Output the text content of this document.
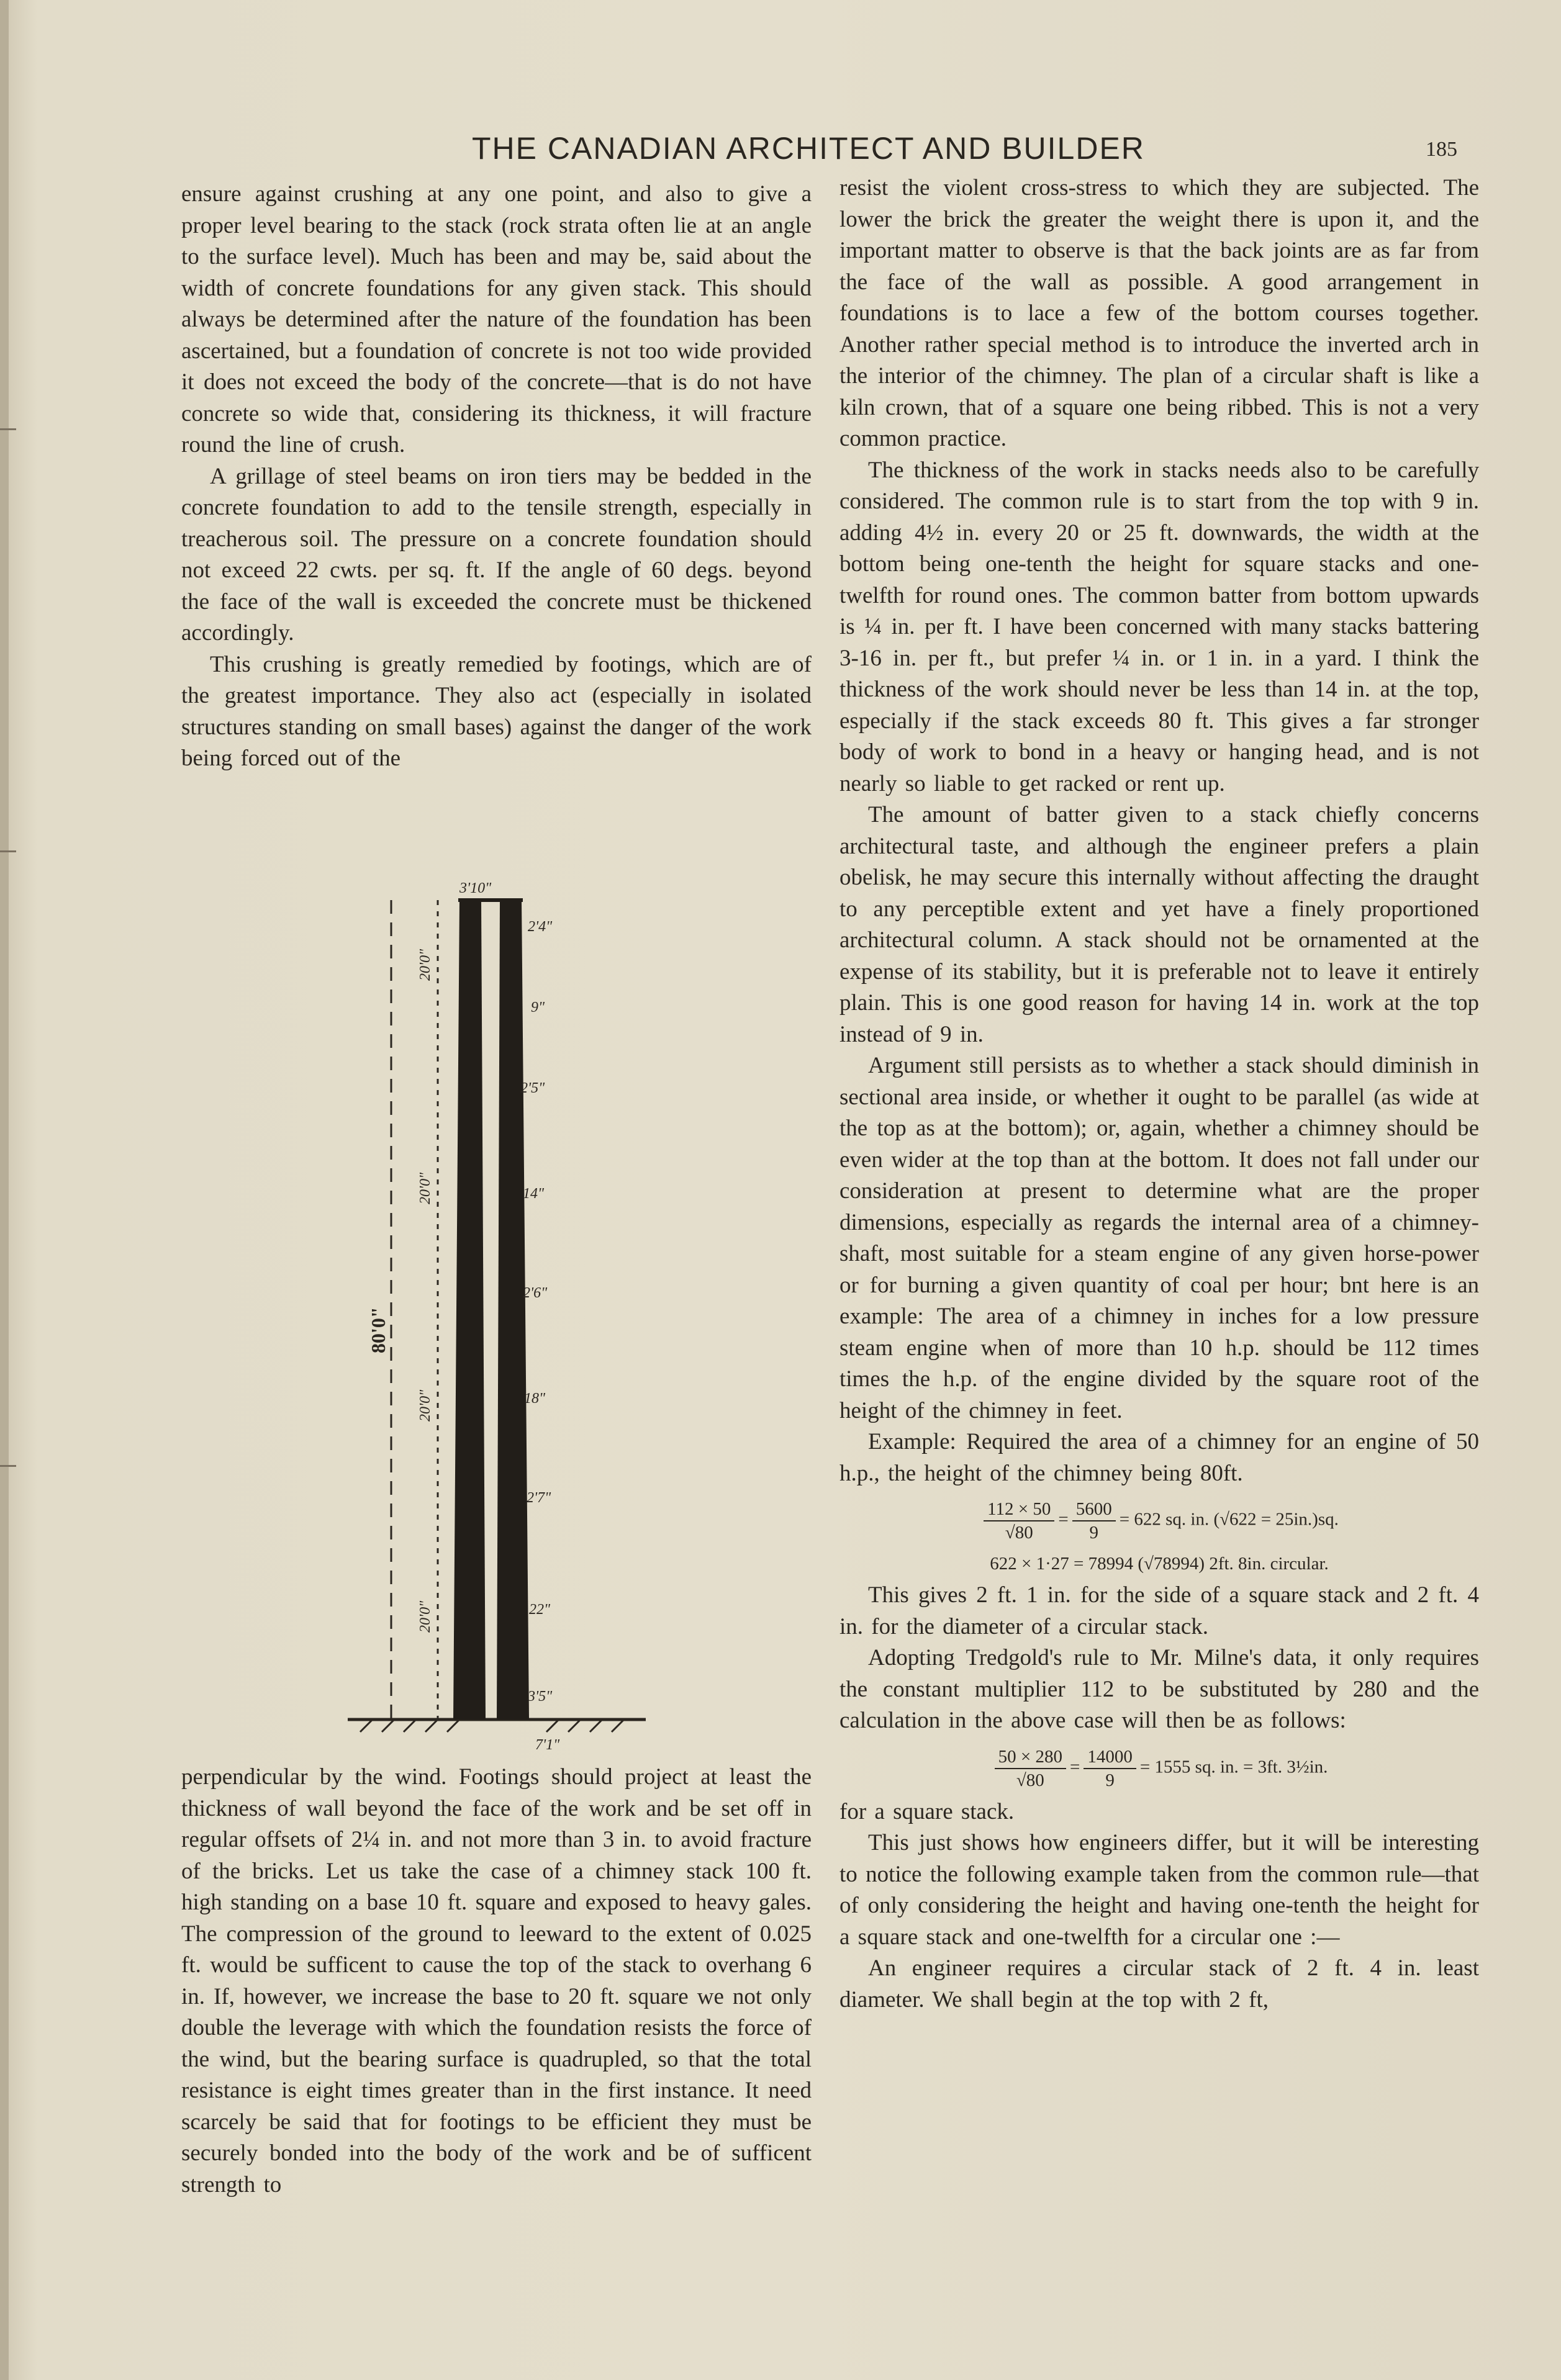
THE CANADIAN ARCHITECT AND BUILDER	185

ensure against crushing at any one point, and also to give a proper level bearing to the stack (rock strata often lie at an angle to the surface level). Much has been and may be, said about the width of concrete foundations for any given stack. This should always be determined after the nature of the foundation has been ascertained, but a foundation of concrete is not too wide provided it does not exceed the body of the concrete—that is do not have concrete so wide that, considering its thickness, it will fracture round the line of crush.

A grillage of steel beams on iron tiers may be bedded in the concrete foundation to add to the tensile strength, especially in treacherous soil. The pressure on a concrete foundation should not exceed 22 cwts. per sq. ft. If the angle of 60 degs. beyond the face of the wall is exceeded the concrete must be thickened accordingly.

This crushing is greatly remedied by footings, which are of the greatest importance. They also act (especially in isolated structures standing on small bases) against the danger of the work being forced out of the

3'10"
7'1"
80'0"
20'0"
20'0"
20'0"
20'0"
2'4"
9"
2'5"
14"
2'6"
18"
2'7"
22"
3'5"

perpendicular by the wind. Footings should project at least the thickness of wall beyond the face of the work and be set off in regular offsets of 2¼ in. and not more than 3 in. to avoid fracture of the bricks. Let us take the case of a chimney stack 100 ft. high standing on a base 10 ft. square and exposed to heavy gales. The compression of the ground to leeward to the extent of 0.025 ft. would be sufficent to cause the top of the stack to overhang 6 in. If, however, we increase the base to 20 ft. square we not only double the leverage with which the foundation resists the force of the wind, but the bearing surface is quadrupled, so that the total resistance is eight times greater than in the first instance. It need scarcely be said that for footings to be efficient they must be securely bonded into the body of the work and be of sufficent strength to

resist the violent cross-stress to which they are subjected. The lower the brick the greater the weight there is upon it, and the important matter to observe is that the back joints are as far from the face of the wall as possible. A good arrangement in foundations is to lace a few of the bottom courses together. Another rather special method is to introduce the inverted arch in the interior of the chimney. The plan of a circular shaft is like a kiln crown, that of a square one being ribbed. This is not a very common practice.

The thickness of the work in stacks needs also to be carefully considered. The common rule is to start from the top with 9 in. adding 4½ in. every 20 or 25 ft. downwards, the width at the bottom being one-tenth the height for square stacks and one-twelfth for round ones. The common batter from bottom upwards is ¼ in. per ft. I have been concerned with many stacks battering 3-16 in. per ft., but prefer ¼ in. or 1 in. in a yard. I think the thickness of the work should never be less than 14 in. at the top, especially if the stack exceeds 80 ft. This gives a far stronger body of work to bond in a heavy or hanging head, and is not nearly so liable to get racked or rent up.

The amount of batter given to a stack chiefly concerns architectural taste, and although the engineer prefers a plain obelisk, he may secure this internally without affecting the draught to any perceptible extent and yet have a finely proportioned architectural column. A stack should not be ornamented at the expense of its stability, but it is preferable not to leave it entirely plain. This is one good reason for having 14 in. work at the top instead of 9 in.

Argument still persists as to whether a stack should diminish in sectional area inside, or whether it ought to be parallel (as wide at the top as at the bottom); or, again, whether a chimney should be even wider at the top than at the bottom. It does not fall under our consideration at present to determine what are the proper dimensions, especially as regards the internal area of a chimney-shaft, most suitable for a steam engine of any given horse-power or for burning a given quantity of coal per hour; bnt here is an example: The area of a chimney in inches for a low pressure steam engine when of more than 10 h.p. should be 112 times times the h.p. of the engine divided by the square root of the height of the chimney in feet.

Example: Required the area of a chimney for an engine of 50 h.p., the height of the chimney being 80ft.

$\frac{112 \times 50}{√80} = \frac{5600}{9} = 622$ sq. in. (√622 = 25in.)sq.
622 × 1·27 = 78994 (√78994) 2ft. 8in. circular.

This gives 2 ft. 1 in. for the side of a square stack and 2 ft. 4 in. for the diameter of a circular stack.

Adopting Tredgold's rule to Mr. Milne's data, it only requires the constant multiplier 112 to be substituted by 280 and the calculation in the above case will then be as follows:

$\frac{50 \times 280}{√80} = \frac{14000}{9} = 1555$ sq. in. = 3ft. 3½in.

for a square stack.

This just shows how engineers differ, but it will be interesting to notice the following example taken from the common rule—that of only considering the height and having one-tenth the height for a square stack and one-twelfth for a circular one :—

An engineer requires a circular stack of 2 ft. 4 in. least diameter. We shall begin at the top with 2 ft,
